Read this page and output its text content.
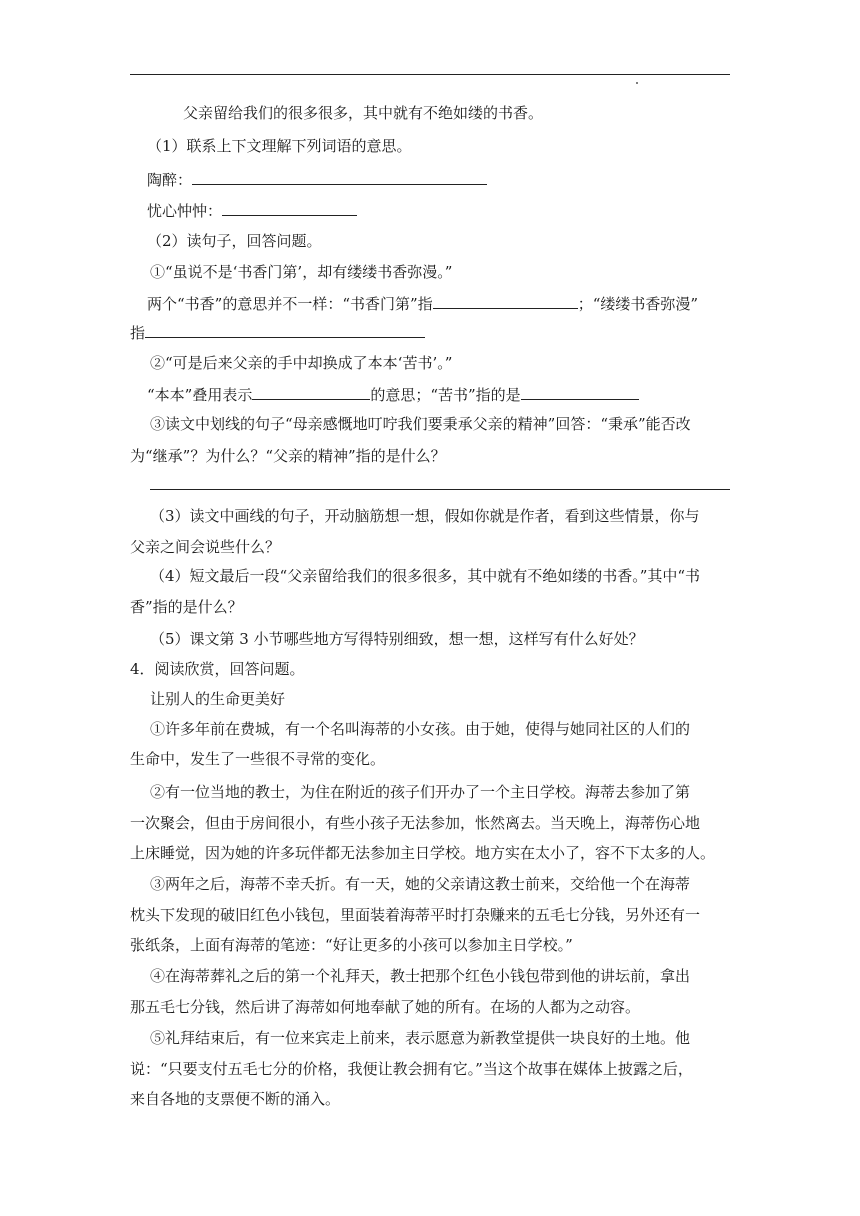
父亲留给我们的很多很多，其中就有不绝如缕的书香。
（1）联系上下文理解下列词语的意思。
陶醉：
忧心忡忡：
（2）读句子，回答问题。
①“虽说不是‘书香门第’，却有缕缕书香弥漫。”
两个“书香”的意思并不一样：“书香门第”指	；“缕缕书香弥漫”
指
②“可是后来父亲的手中却换成了本本‘苦书’。”
“本本”叠用表示	的意思；“苦书”指的是
③读文中划线的句子“母亲感慨地叮咛我们要秉承父亲的精神”回答：“秉承”能否改
为“继承”？为什么？“父亲的精神”指的是什么？
（3）读文中画线的句子，开动脑筋想一想，假如你就是作者，看到这些情景，你与
父亲之间会说些什么？
（4）短文最后一段“父亲留给我们的很多很多，其中就有不绝如缕的书香。”其中“书
香”指的是什么？
（5）课文第 3 小节哪些地方写得特别细致，想一想，这样写有什么好处？
4．阅读欣赏，回答问题。
让别人的生命更美好
①许多年前在费城，有一个名叫海蒂的小女孩。由于她，使得与她同社区的人们的
生命中，发生了一些很不寻常的变化。
②有一位当地的教士，为住在附近的孩子们开办了一个主日学校。海蒂去参加了第
一次聚会，但由于房间很小，有些小孩子无法参加，怅然离去。当天晚上，海蒂伤心地
上床睡觉，因为她的许多玩伴都无法参加主日学校。地方实在太小了，容不下太多的人。
③两年之后，海蒂不幸夭折。有一天，她的父亲请这教士前来，交给他一个在海蒂
枕头下发现的破旧红色小钱包，里面装着海蒂平时打杂赚来的五毛七分钱，另外还有一
张纸条，上面有海蒂的笔迹：“好让更多的小孩可以参加主日学校。”
④在海蒂葬礼之后的第一个礼拜天，教士把那个红色小钱包带到他的讲坛前，拿出
那五毛七分钱，然后讲了海蒂如何地奉献了她的所有。在场的人都为之动容。
⑤礼拜结束后，有一位来宾走上前来，表示愿意为新教堂提供一块良好的土地。他
说：“只要支付五毛七分的价格，我便让教会拥有它。”当这个故事在媒体上披露之后，
来自各地的支票便不断的涌入。
